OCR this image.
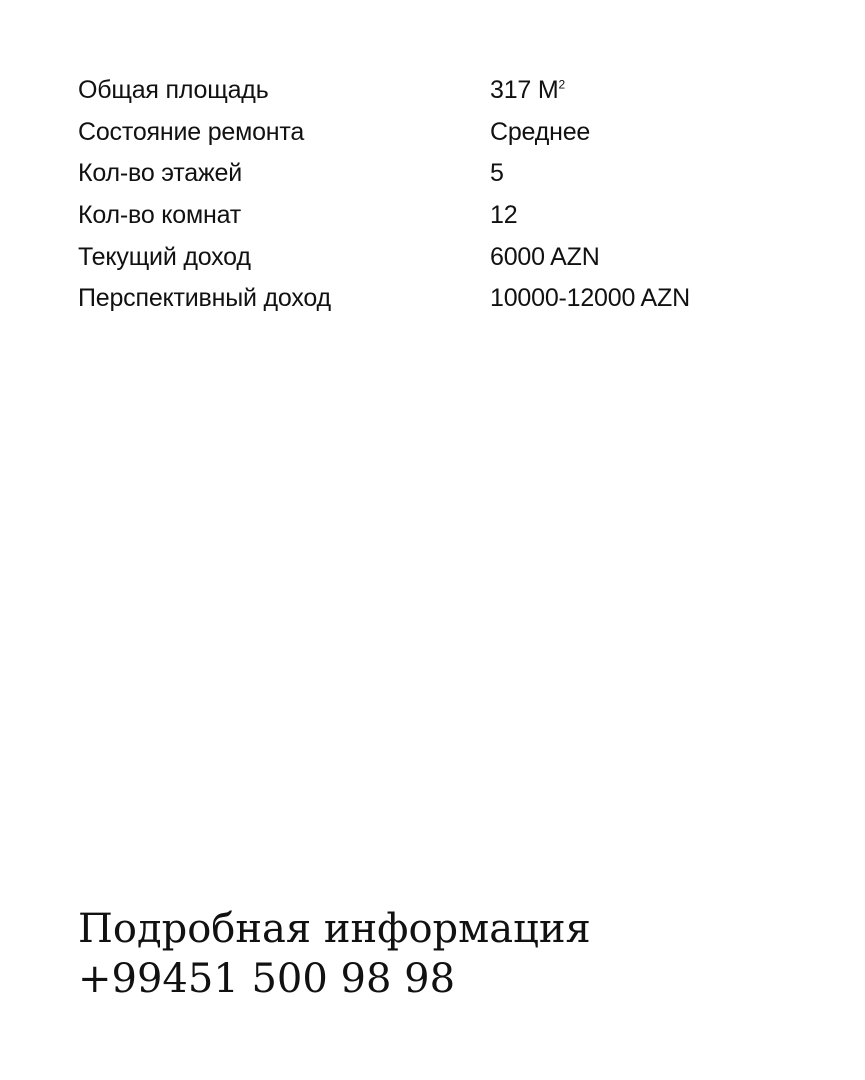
Общая площадь	317 $M^2$
Состояние ремонта	Среднее
Кол-во этажей	5
Кол-во комнат	12
Текущий доход	6000 AZN
Перспективный доход	10000-12000 AZN
Подробная информация
+99451 500 98 98
